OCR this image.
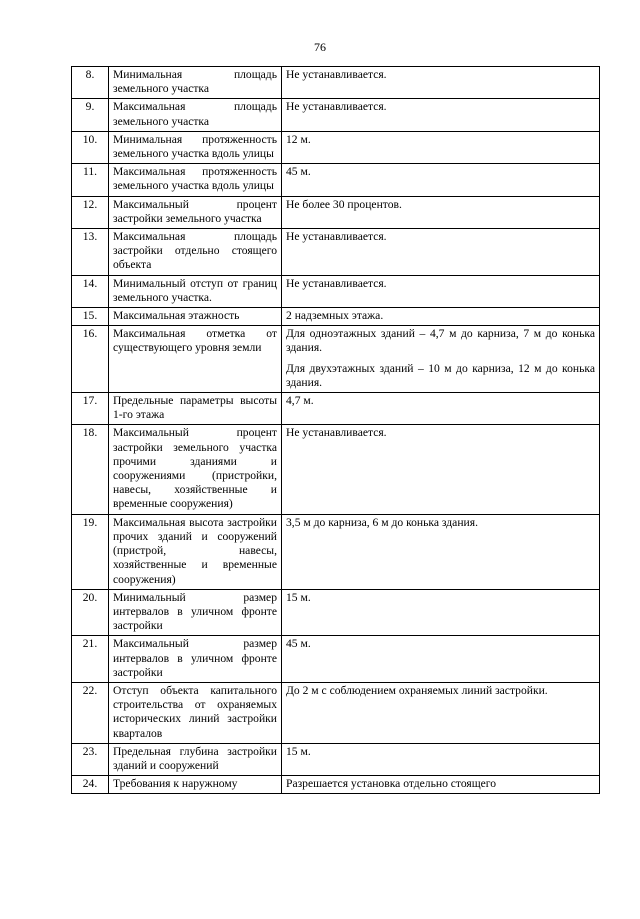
76
8.	Минимальная площадь земельного участка	Не устанавливается.

9.	Максимальная площадь земельного участка	Не устанавливается.

10.	Минимальная протяженность земельного участка вдоль улицы	12 м.

11.	Максимальная протяженность земельного участка вдоль улицы	45 м.

12.	Максимальный процент застройки земельного участка	Не более 30 процентов.

13.	Максимальная площадь застройки отдельно стоящего объекта	Не устанавливается.

14.	Минимальный отступ от границ земельного участка.	Не устанавливается.

15.	Максимальная этажность	2 надземных этажа.

16.	Максимальная отметка от существующего уровня земли	Для одноэтажных зданий – 4,7 м до карниза, 7 м до конька здания.

Для двухэтажных зданий – 10 м до карниза, 12 м до конька здания.

17.	Предельные параметры высоты 1-го этажа	4,7 м.

18.	Максимальный процент застройки земельного участка прочими зданиями и сооружениями (пристройки, навесы, хозяйственные и временные сооружения)	Не устанавливается.

19.	Максимальная высота застройки прочих зданий и сооружений (пристрой, навесы, хозяйственные и временные сооружения)	3,5 м до карниза, 6 м до конька здания.

20.	Минимальный размер интервалов в уличном фронте застройки	15 м.

21.	Максимальный размер интервалов в уличном фронте застройки	45 м.

22.	Отступ объекта капитального строительства от охраняемых исторических линий застройки кварталов	До 2 м с соблюдением охраняемых линий застройки.

23.	Предельная глубина застройки зданий и сооружений	15 м.

24.	Требования к наружному	Разрешается установка отдельно стоящего
